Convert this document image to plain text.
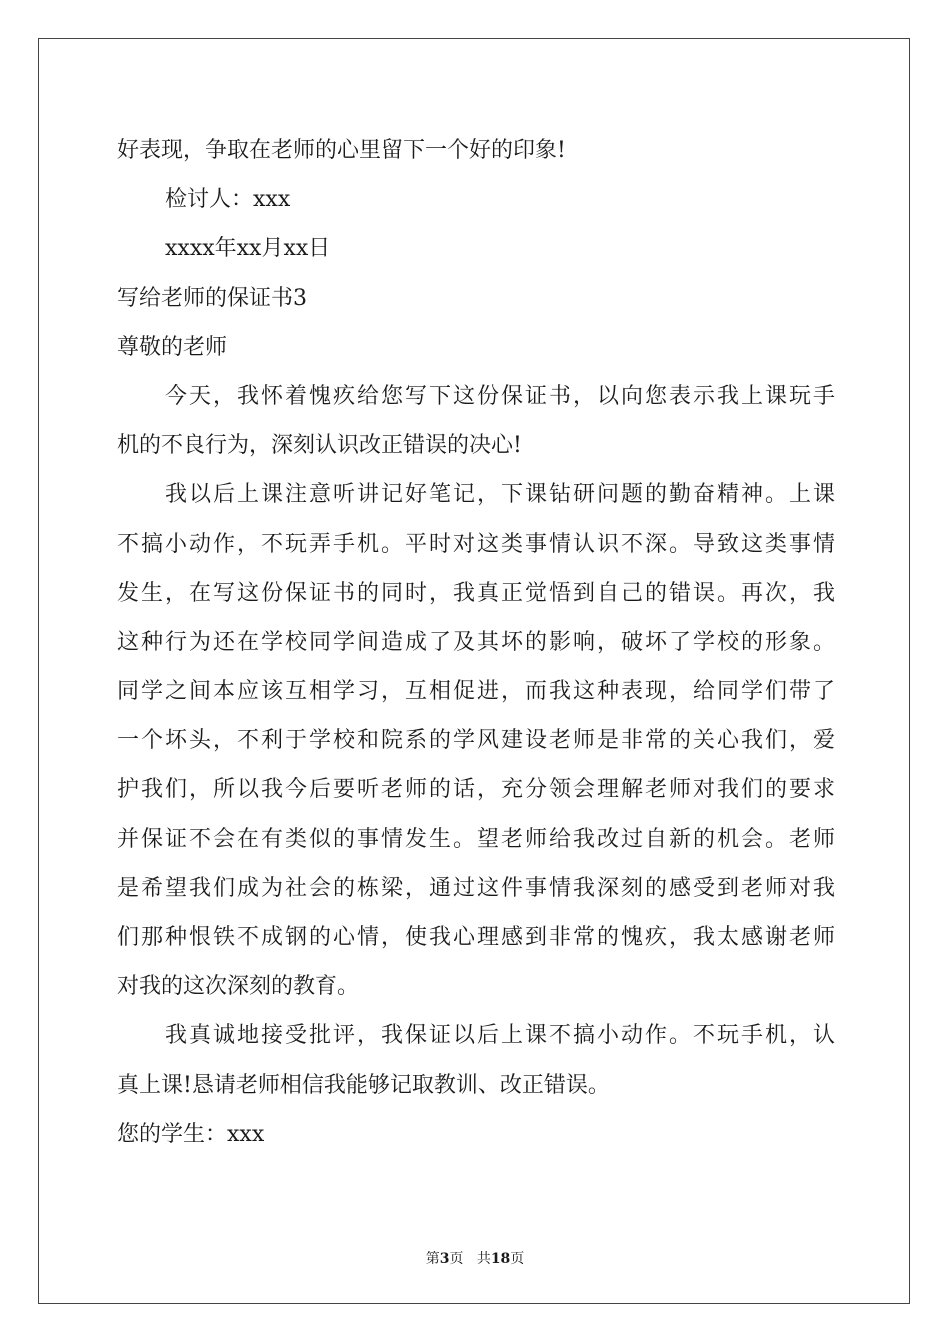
好表现，争取在老师的心里留下一个好的印象!

检讨人：xxx

xxxx年xx月xx日

写给老师的保证书3

尊敬的老师

今天，我怀着愧疚给您写下这份保证书，以向您表示我上课玩手

机的不良行为，深刻认识改正错误的决心!

我以后上课注意听讲记好笔记，下课钻研问题的勤奋精神。上课

不搞小动作，不玩弄手机。平时对这类事情认识不深。导致这类事情

发生，在写这份保证书的同时，我真正觉悟到自己的错误。再次，我

这种行为还在学校同学间造成了及其坏的影响，破坏了学校的形象。

同学之间本应该互相学习，互相促进，而我这种表现，给同学们带了

一个坏头，不利于学校和院系的学风建设老师是非常的关心我们，爱

护我们，所以我今后要听老师的话，充分领会理解老师对我们的要求

并保证不会在有类似的事情发生。望老师给我改过自新的机会。老师

是希望我们成为社会的栋梁，通过这件事情我深刻的感受到老师对我

们那种恨铁不成钢的心情，使我心理感到非常的愧疚，我太感谢老师

对我的这次深刻的教育。

我真诚地接受批评，我保证以后上课不搞小动作。不玩手机，认

真上课!恳请老师相信我能够记取教训、改正错误。

您的学生：xxx

第3页 共18页
